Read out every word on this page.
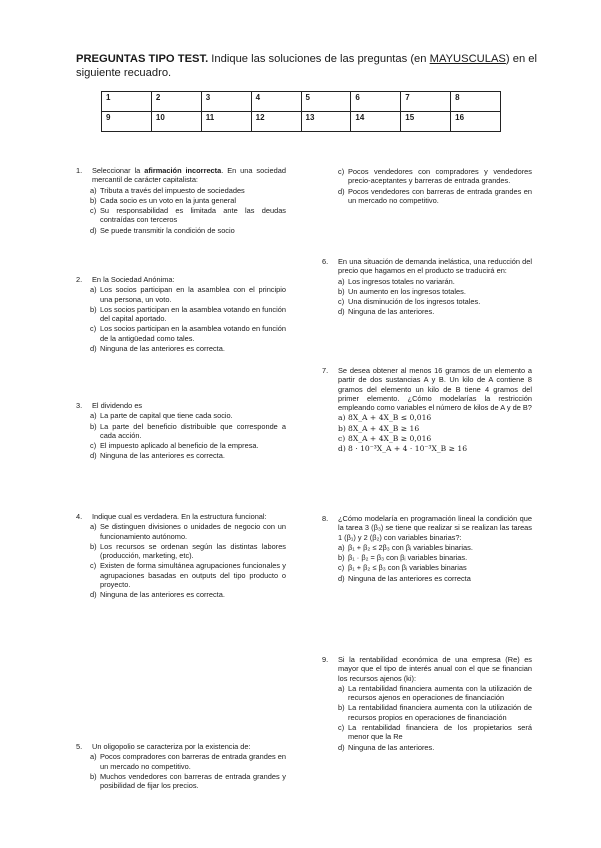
PREGUNTAS TIPO TEST. Indique las soluciones de las preguntas (en MAYUSCULAS) en el siguiente recuadro.
1	2	3	4	5	6	7	8
9	10	11	12	13	14	15	16
1.	Seleccionar la afirmación incorrecta. En una sociedad mercantil de carácter capitalista:
a) Tributa a través del impuesto de sociedades
b) Cada socio es un voto en la junta general
c) Su responsabilidad es limitada ante las deudas contraídas con terceros
d) Se puede transmitir la condición de socio
2.	En la Sociedad Anónima:
a) Los socios participan en la asamblea con el principio una persona, un voto.
b) Los socios participan en la asamblea votando en función del capital aportado.
c) Los socios participan en la asamblea votando en función de la antigüedad como tales.
d) Ninguna de las anteriores es correcta.
3.	El dividendo es
a) La parte de capital que tiene cada socio.
b) La parte del beneficio distribuible que corresponde a cada acción.
c) El impuesto aplicado al beneficio de la empresa.
d) Ninguna de las anteriores es correcta.
4.	Indique cual es verdadera. En la estructura funcional:
a) Se distinguen divisiones o unidades de negocio con un funcionamiento autónomo.
b) Los recursos se ordenan según las distintas labores (producción, marketing, etc).
c) Existen de forma simultánea agrupaciones funcionales y agrupaciones basadas en outputs del tipo producto o proyecto.
d) Ninguna de las anteriores es correcta.
5.	Un oligopolio se caracteriza por la existencia de:
a) Pocos compradores con barreras de entrada grandes en un mercado no competitivo.
b) Muchos vendedores con barreras de entrada grandes y posibilidad de fijar los precios.
c) Pocos vendedores con compradores y vendedores precio-aceptantes y barreras de entrada grandes.
d) Pocos vendedores con barreras de entrada grandes en un mercado no competitivo.
6.	En una situación de demanda inelástica, una reducción del precio que hagamos en el producto se traducirá en:
a) Los ingresos totales no variarán.
b) Un aumento en los ingresos totales.
c) Una disminución de los ingresos totales.
d) Ninguna de las anteriores.
7.	Se desea obtener al menos 16 gramos de un elemento a partir de dos sustancias A y B. Un kilo de A contiene 8 gramos del elemento un kilo de B tiene 4 gramos del primer elemento. ¿Cómo modelarías la restricción empleando como variables el número de kilos de A y de B?
a) 8X_A + 4X_B ≤ 0,016
b) 8X_A + 4X_B ≥ 16
c) 8X_A + 4X_B ≥ 0,016
d) 8 · 10⁻³X_A + 4 · 10⁻³X_B ≥ 16
8.	¿Cómo modelaría en programación lineal la condición que la tarea 3 (β₃) se tiene que realizar si se realizan las tareas 1 (β₁) y 2 (β₂) con variables binarias?:
a) β₁ + β₂ ≤ 2β₃ con βᵢ variables binarias.
b) β₁ · β₂ = β₃ con βᵢ variables binarias.
c) β₁ + β₂ ≤ β₃ con βᵢ variables binarias
d) Ninguna de las anteriores es correcta
9.	Si la rentabilidad económica de una empresa (Re) es mayor que el tipo de interés anual con el que se financian los recursos ajenos (ki):
a) La rentabilidad financiera aumenta con la utilización de recursos ajenos en operaciones de financiación
b) La rentabilidad financiera aumenta con la utilización de recursos propios en operaciones de financiación
c) La rentabilidad financiera de los propietarios será menor que la Re
d) Ninguna de las anteriores.
